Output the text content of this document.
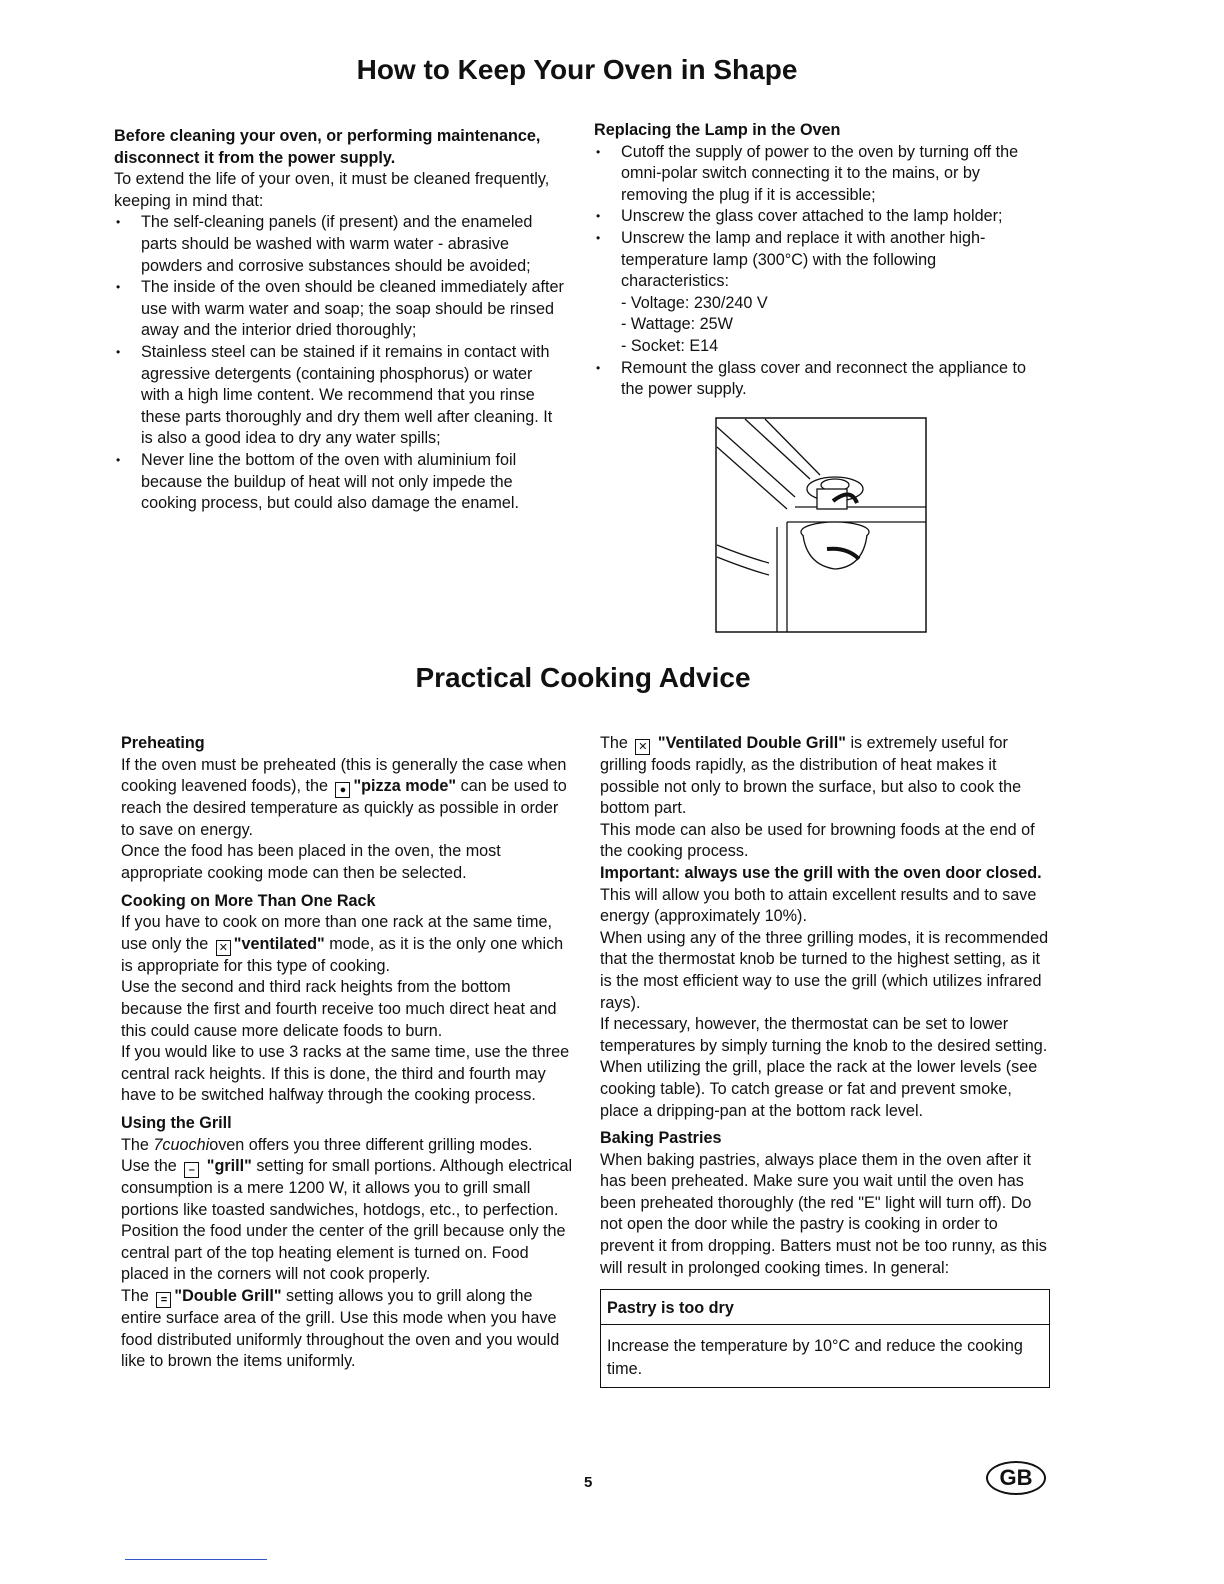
How to Keep Your Oven in Shape

Before cleaning your oven, or performing maintenance, disconnect it from the power supply.

To extend the life of your oven, it must be cleaned frequently, keeping in mind that:

• The self-cleaning panels (if present) and the enameled parts should be washed with warm water - abrasive powders and corrosive substances should be avoided;
• The inside of the oven should be cleaned immediately after use with warm water and soap; the soap should be rinsed away and the interior dried thoroughly;
• Stainless steel can be stained if it remains in contact with agressive detergents (containing phosphorus) or water with a high lime content. We recommend that you rinse these parts thoroughly and dry them well after cleaning. It is also a good idea to dry any water spills;
• Never line the bottom of the oven with aluminium foil because the buildup of heat will not only impede the cooking process, but could also damage the enamel.

Replacing the Lamp in the Oven

• Cutoff the supply of power to the oven by turning off the omni-polar switch connecting it to the mains, or by removing the plug if it is accessible;
• Unscrew the glass cover attached to the lamp holder;
• Unscrew the lamp and replace it with another high-temperature lamp (300°C) with the following characteristics:

- Voltage: 230/240 V

- Wattage: 25W

- Socket: E14

• Remount the glass cover and reconnect the appliance to the power supply.
Practical Cooking Advice

Preheating

If the oven must be preheated (this is generally the case when cooking leavened foods), the ● "pizza mode" can be used to reach the desired temperature as quickly as possible in order to save on energy.

Once the food has been placed in the oven, the most appropriate cooking mode can then be selected.

Cooking on More Than One Rack

If you have to cook on more than one rack at the same time, use only the ✕ "ventilated" mode, as it is the only one which is appropriate for this type of cooking.

Use the second and third rack heights from the bottom because the first and fourth receive too much direct heat and this could cause more delicate foods to burn.

If you would like to use 3 racks at the same time, use the three central rack heights. If this is done, the third and fourth may have to be switched halfway through the cooking process.

Using the Grill

The 7cuochioven offers you three different grilling modes.

Use the – "grill" setting for small portions. Although electrical consumption is a mere 1200 W, it allows you to grill small portions like toasted sandwiches, hotdogs, etc., to perfection.

Position the food under the center of the grill because only the central part of the top heating element is turned on. Food placed in the corners will not cook properly.

The = "Double Grill" setting allows you to grill along the entire surface area of the grill. Use this mode when you have food distributed uniformly throughout the oven and you would like to brown the items uniformly.

The ✕ "Ventilated Double Grill" is extremely useful for grilling foods rapidly, as the distribution of heat makes it possible not only to brown the surface, but also to cook the bottom part.

This mode can also be used for browning foods at the end of the cooking process.

Important: always use the grill with the oven door closed. This will allow you both to attain excellent results and to save energy (approximately 10%).

When using any of the three grilling modes, it is recommended that the thermostat knob be turned to the highest setting, as it is the most efficient way to use the grill (which utilizes infrared rays).

If necessary, however, the thermostat can be set to lower temperatures by simply turning the knob to the desired setting.

When utilizing the grill, place the rack at the lower levels (see cooking table). To catch grease or fat and prevent smoke, place a dripping-pan at the bottom rack level.

Baking Pastries

When baking pastries, always place them in the oven after it has been preheated. Make sure you wait until the oven has been preheated thoroughly (the red "E" light will turn off). Do not open the door while the pastry is cooking in order to prevent it from dropping. Batters must not be too runny, as this will result in prolonged cooking times. In general:

Pastry is too dry
Increase the temperature by 10°C and reduce the cooking time.
5	GB
